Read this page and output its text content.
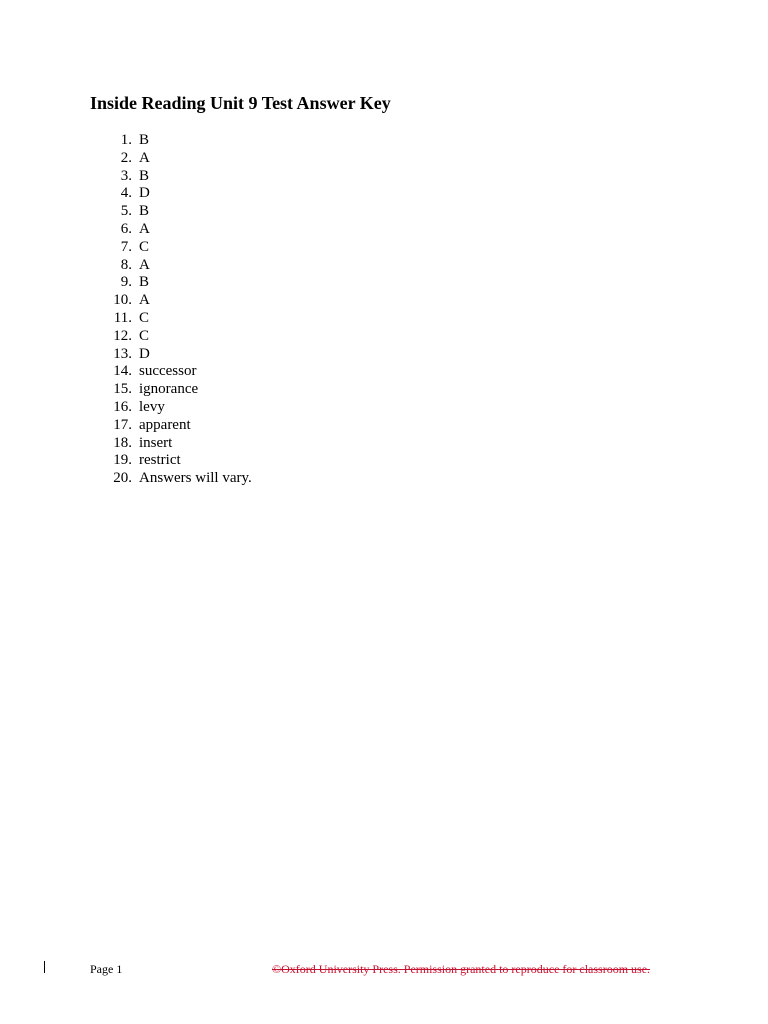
Inside Reading Unit 9 Test Answer Key
1. B
2. A
3. B
4. D
5. B
6. A
7. C
8. A
9. B
10. A
11. C
12. C
13. D
14. successor
15. ignorance
16. levy
17. apparent
18. insert
19. restrict
20. Answers will vary.
Page 1	©Oxford University Press. Permission granted to reproduce for classroom use.
